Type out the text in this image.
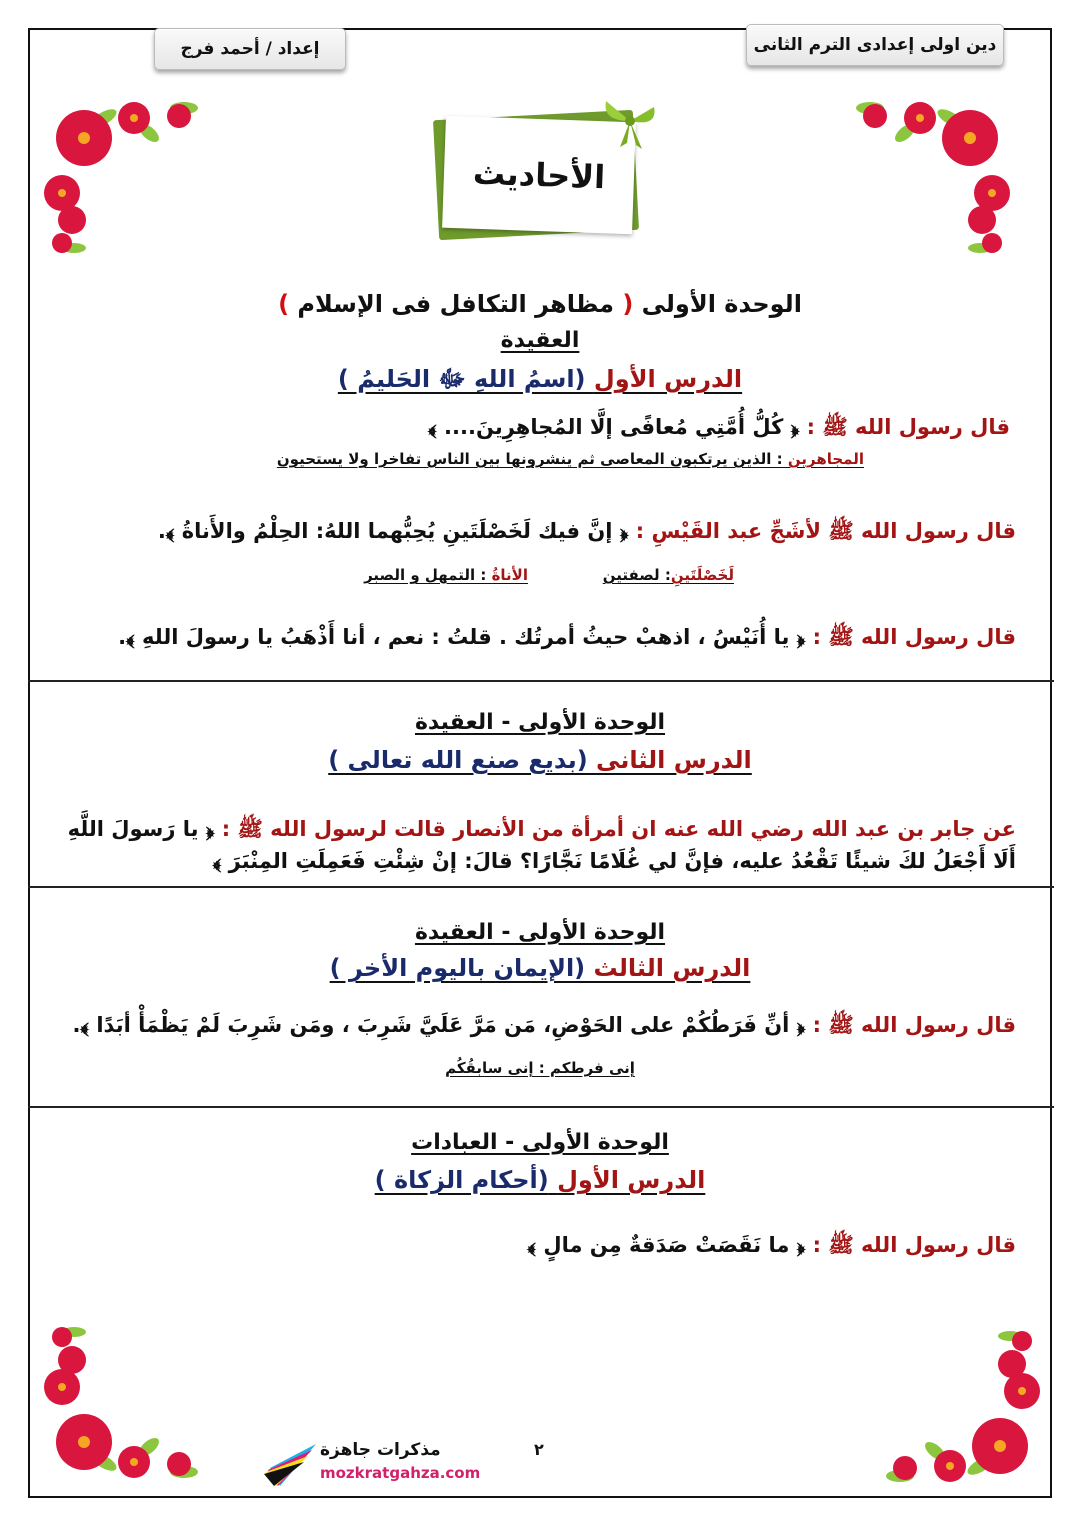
دين اولى إعدادى الترم الثانى
إعداد / أحمد فرج
الأحاديث
الوحدة الأولى ( مظاهر التكافل فى الإسلام )
العقيدة
الدرس الأول (اسمُ اللهِ ﷻ الحَليمُ )
قال رسول الله ﷺ : ﴿ كُلُّ أُمَّتِي مُعافًى إلَّا المُجاهِرِينَ.... ﴾
المجاهرين : الذين يرتكبون المعاصى ثم ينشرونها بين الناس تفاخرا ولا يستحيون
قال رسول الله ﷺ لأشَجِّ عبد القَيْسِ : ﴿ إنَّ فيك لَخَصْلَتَينِ يُحِبُّهما اللهُ: الحِلْمُ والأَناةُ ﴾.
لَخَصْلَتَينِ: لصفتين
الأناةُ : التمهل و الصبر
قال رسول الله ﷺ : ﴿ يا أُنَيْسُ ، اذهبْ حيثُ أمرتُك . قلتُ : نعم ، أنا أَذْهَبُ يا رسولَ اللهِ ﴾.
الوحدة الأولى - العقيدة
الدرس الثانى (بديع صنع الله تعالى )
عن جابر بن عبد الله رضي الله عنه ان أمرأة من الأنصار قالت لرسول الله ﷺ : ﴿ يا رَسولَ اللَّهِ أَلَا أَجْعَلُ لكَ شيئًا تَقْعُدُ عليه، فإنَّ لي غُلَامًا نَجَّارًا؟ قالَ: إنْ شِئْتِ فَعَمِلَتِ المِنْبَرَ ﴾
الوحدة الأولى - العقيدة
الدرس الثالث (الإيمان باليوم الأخر )
قال رسول الله ﷺ : ﴿ أنِّ فَرَطُكُمْ على الحَوْضِ، مَن مَرَّ عَلَيَّ شَرِبَ ، ومَن شَرِبَ لَمْ يَظْمَأْ أبَدًا ﴾.
إنى فرطكم : إنى سابقُكُم
الوحدة الأولى - العبادات
الدرس الأول (أحكام الزكاة )
قال رسول الله ﷺ : ﴿ ما نَقَصَتْ صَدَقةٌ مِن مالٍ ﴾
٢
مذكرات جاهزة
mozkratgahza.com
